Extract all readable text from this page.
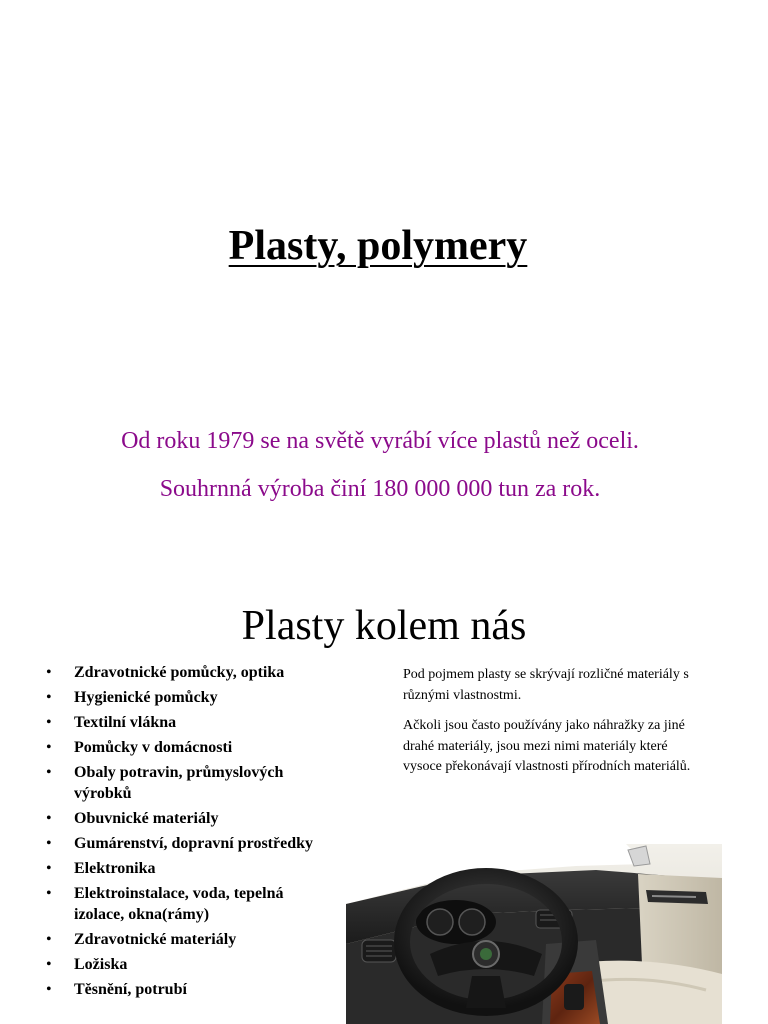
Plasty, polymery

Od roku 1979 se na světě vyrábí více plastů než oceli.

Souhrnná výroba činí 180 000 000 tun za rok.

Plasty kolem nás
• Zdravotnické pomůcky, optika
• Hygienické pomůcky
• Textilní vlákna
• Pomůcky v domácnosti
• Obaly potravin, průmyslových výrobků
• Obuvnické materiály
• Gumárenství, dopravní prostředky
• Elektronika
• Elektroinstalace, voda, tepelná izolace, okna(rámy)
• Zdravotnické materiály
• Ložiska
• Těsnění, potrubí

Pod pojmem plasty se skrývají rozličné materiály s různými vlastnostmi.

Ačkoli jsou často používány jako náhražky za jiné drahé materiály, jsou mezi nimi materiály které vysoce překonávají vlastnosti přírodních materiálů.
